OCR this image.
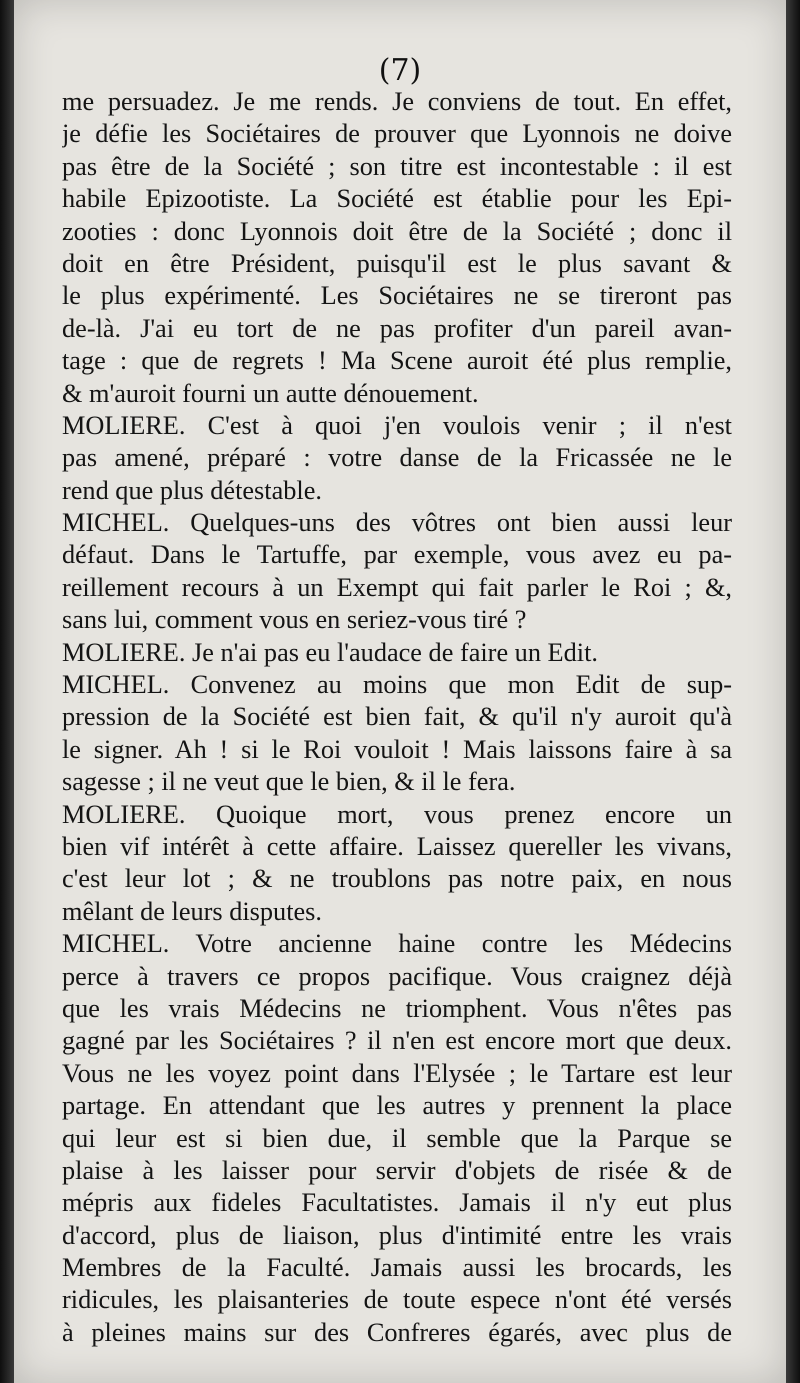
(7)
me persuadez. Je me rends. Je conviens de tout. En effet,
je défie les Sociétaires de prouver que Lyonnois ne doive
pas être de la Société ; son titre est incontestable : il est
habile Epizootiste. La Société est établie pour les Epi-
zooties : donc Lyonnois doit être de la Société ; donc il
doit en être Président, puisqu'il est le plus savant &
le plus expérimenté. Les Sociétaires ne se tireront pas
de-là. J'ai eu tort de ne pas profiter d'un pareil avan-
tage : que de regrets ! Ma Scene auroit été plus remplie,
& m'auroit fourni un autte dénouement.
MOLIERE. C'est à quoi j'en voulois venir ; il n'est
pas amené, préparé : votre danse de la Fricassée ne le
rend que plus détestable.
MICHEL. Quelques-uns des vôtres ont bien aussi leur
défaut. Dans le Tartuffe, par exemple, vous avez eu pa-
reillement recours à un Exempt qui fait parler le Roi ; &,
sans lui, comment vous en seriez-vous tiré ?
MOLIERE. Je n'ai pas eu l'audace de faire un Edit.
MICHEL. Convenez au moins que mon Edit de sup-
pression de la Société est bien fait, & qu'il n'y auroit qu'à
le signer. Ah ! si le Roi vouloit ! Mais laissons faire à sa
sagesse ; il ne veut que le bien, & il le fera.
MOLIERE. Quoique mort, vous prenez encore un
bien vif intérêt à cette affaire. Laissez quereller les vivans,
c'est leur lot ; & ne troublons pas notre paix, en nous
mêlant de leurs disputes.
MICHEL. Votre ancienne haine contre les Médecins
perce à travers ce propos pacifique. Vous craignez déjà
que les vrais Médecins ne triomphent. Vous n'êtes pas
gagné par les Sociétaires ? il n'en est encore mort que deux.
Vous ne les voyez point dans l'Elysée ; le Tartare est leur
partage. En attendant que les autres y prennent la place
qui leur est si bien due, il semble que la Parque se
plaise à les laisser pour servir d'objets de risée & de
mépris aux fideles Facultatistes. Jamais il n'y eut plus
d'accord, plus de liaison, plus d'intimité entre les vrais
Membres de la Faculté. Jamais aussi les brocards, les
ridicules, les plaisanteries de toute espece n'ont été versés
à pleines mains sur des Confreres égarés, avec plus de
